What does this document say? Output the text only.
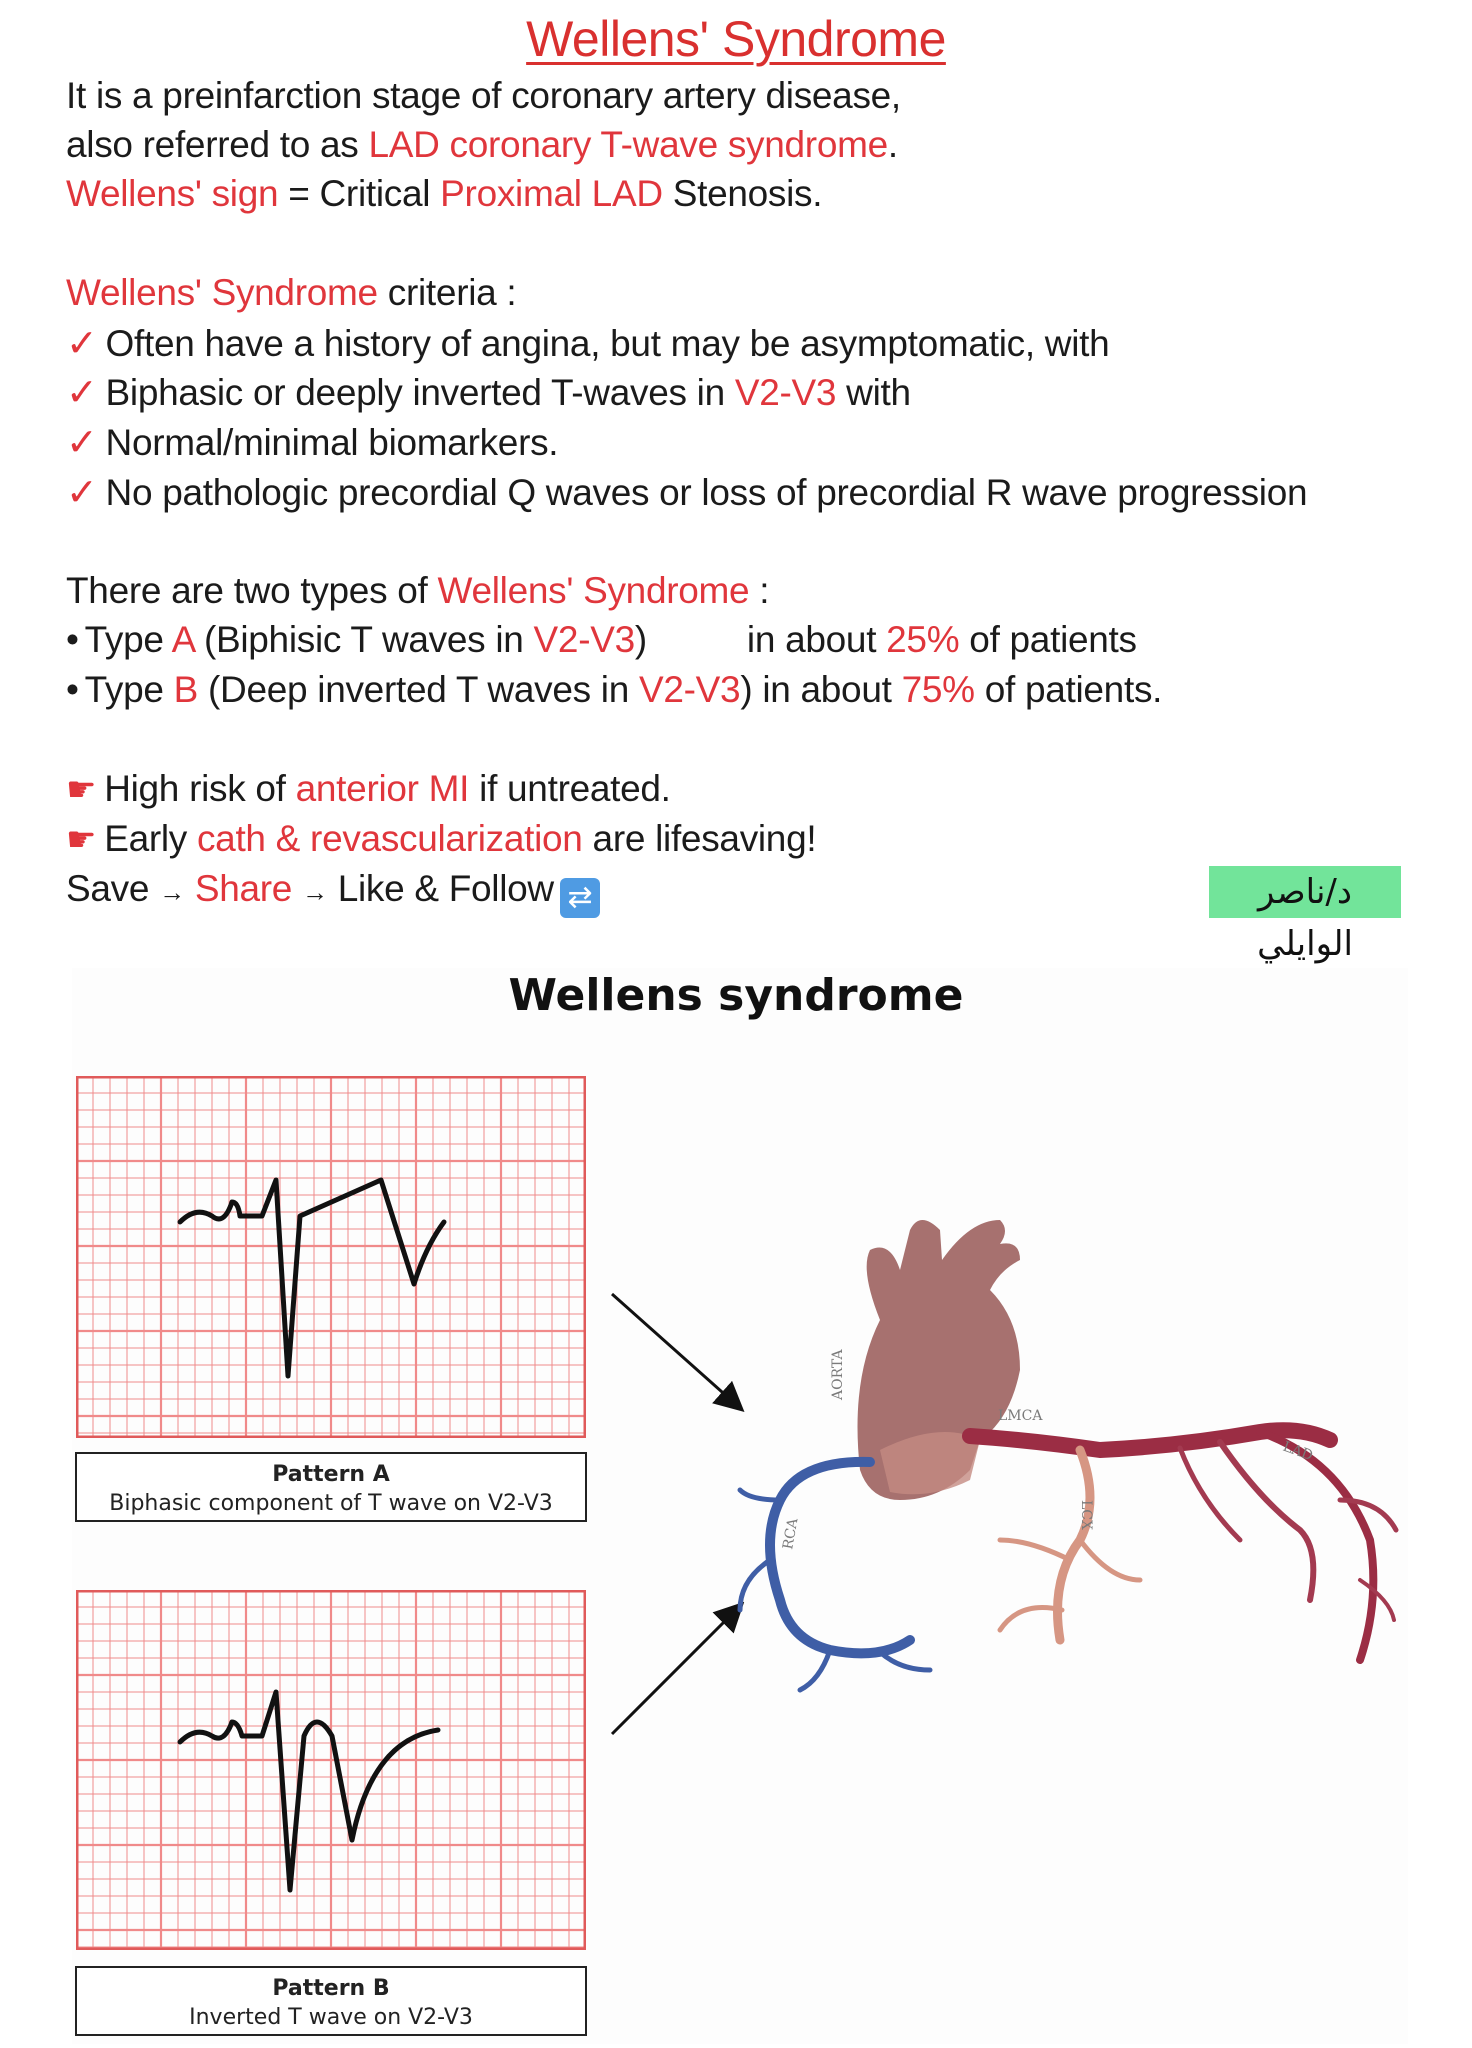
Wellens' Syndrome
It is a preinfarction stage of coronary artery disease,
also referred to as LAD coronary T-wave syndrome.
Wellens' sign = Critical Proximal LAD Stenosis.
Wellens' Syndrome criteria :
✓ Often have a history of angina, but may be asymptomatic, with
✓ Biphasic or deeply inverted T-waves in V2-V3 with
✓ Normal/minimal biomarkers.
✓ No pathologic precordial Q waves or loss of precordial R wave progression
There are two types of Wellens' Syndrome :
• Type A (Biphisic T waves in V2-V3)	in about 25% of patients
• Type B (Deep inverted T waves in V2-V3) in about 75% of patients.
☛ High risk of anterior MI if untreated.
☛ Early cath & revascularization are lifesaving!
Save → Share → Like & Follow ⇄	د/ناصر الوايلي
Wellens syndrome
Pattern A
Biphasic component of T wave on V2-V3
Pattern B
Inverted T wave on V2-V3
AORTA
LMCA
LAD
LCX
RCA
